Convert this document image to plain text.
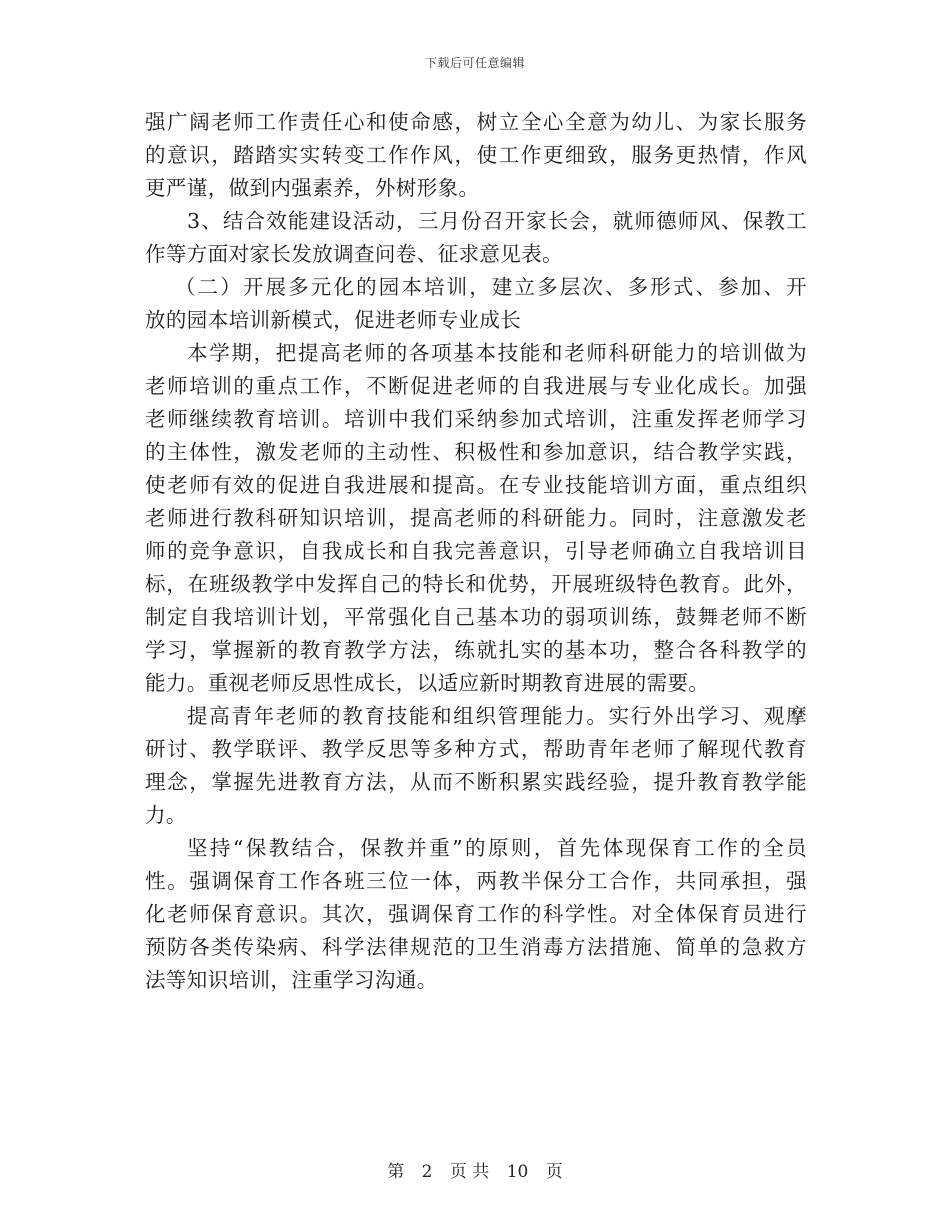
下载后可任意编辑
强广阔老师工作责任心和使命感，树立全心全意为幼儿、为家长服务
的意识，踏踏实实转变工作作风，使工作更细致，服务更热情，作风
更严谨，做到内强素养，外树形象。
3、结合效能建设活动，三月份召开家长会，就师德师风、保教工
作等方面对家长发放调查问卷、征求意见表。
（二）开展多元化的园本培训，建立多层次、多形式、参加、开
放的园本培训新模式，促进老师专业成长
本学期，把提高老师的各项基本技能和老师科研能力的培训做为
老师培训的重点工作，不断促进老师的自我进展与专业化成长。加强
老师继续教育培训。培训中我们采纳参加式培训，注重发挥老师学习
的主体性，激发老师的主动性、积极性和参加意识，结合教学实践，
使老师有效的促进自我进展和提高。在专业技能培训方面，重点组织
老师进行教科研知识培训，提高老师的科研能力。同时，注意激发老
师的竞争意识，自我成长和自我完善意识，引导老师确立自我培训目
标，在班级教学中发挥自己的特长和优势，开展班级特色教育。此外，
制定自我培训计划，平常强化自己基本功的弱项训练，鼓舞老师不断
学习，掌握新的教育教学方法，练就扎实的基本功，整合各科教学的
能力。重视老师反思性成长，以适应新时期教育进展的需要。
提高青年老师的教育技能和组织管理能力。实行外出学习、观摩
研讨、教学联评、教学反思等多种方式，帮助青年老师了解现代教育
理念，掌握先进教育方法，从而不断积累实践经验，提升教育教学能
力。
坚持“保教结合，保教并重”的原则，首先体现保育工作的全员
性。强调保育工作各班三位一体，两教半保分工合作，共同承担，强
化老师保育意识。其次，强调保育工作的科学性。对全体保育员进行
预防各类传染病、科学法律规范的卫生消毒方法措施、简单的急救方
法等知识培训，注重学习沟通。
第 2 页 共 10 页
